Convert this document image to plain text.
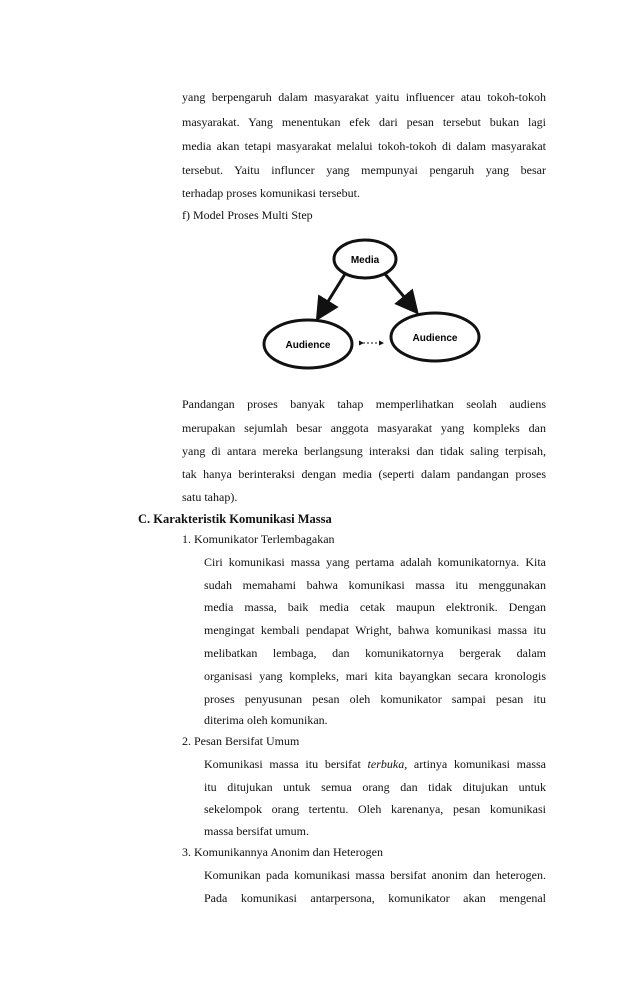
yang berpengaruh dalam masyarakat yaitu influencer atau tokoh-tokoh
masyarakat. Yang menentukan efek dari pesan tersebut bukan lagi
media akan tetapi masyarakat melalui tokoh-tokoh di dalam masyarakat
tersebut. Yaitu influncer yang mempunyai pengaruh yang besar
terhadap proses komunikasi tersebut.
f) Model Proses Multi Step
Media
Audience
Audience
Pandangan proses banyak tahap memperlihatkan seolah audiens
merupakan sejumlah besar anggota masyarakat yang kompleks dan
yang di antara mereka berlangsung interaksi dan tidak saling terpisah,
tak hanya berinteraksi dengan media (seperti dalam pandangan proses
satu tahap).
C. Karakteristik Komunikasi Massa
1. Komunikator Terlembagakan
Ciri komunikasi massa yang pertama adalah komunikatornya. Kita
sudah memahami bahwa komunikasi massa itu menggunakan
media massa, baik media cetak maupun elektronik. Dengan
mengingat kembali pendapat Wright, bahwa komunikasi massa itu
melibatkan lembaga, dan komunikatornya bergerak dalam
organisasi yang kompleks, mari kita bayangkan secara kronologis
proses penyusunan pesan oleh komunikator sampai pesan itu
diterima oleh komunikan.
2. Pesan Bersifat Umum
Komunikasi massa itu bersifat terbuka, artinya komunikasi massa
itu ditujukan untuk semua orang dan tidak ditujukan untuk
sekelompok orang tertentu. Oleh karenanya, pesan komunikasi
massa bersifat umum.
3. Komunikannya Anonim dan Heterogen
Komunikan pada komunikasi massa bersifat anonim dan heterogen.
Pada komunikasi antarpersona, komunikator akan mengenal
